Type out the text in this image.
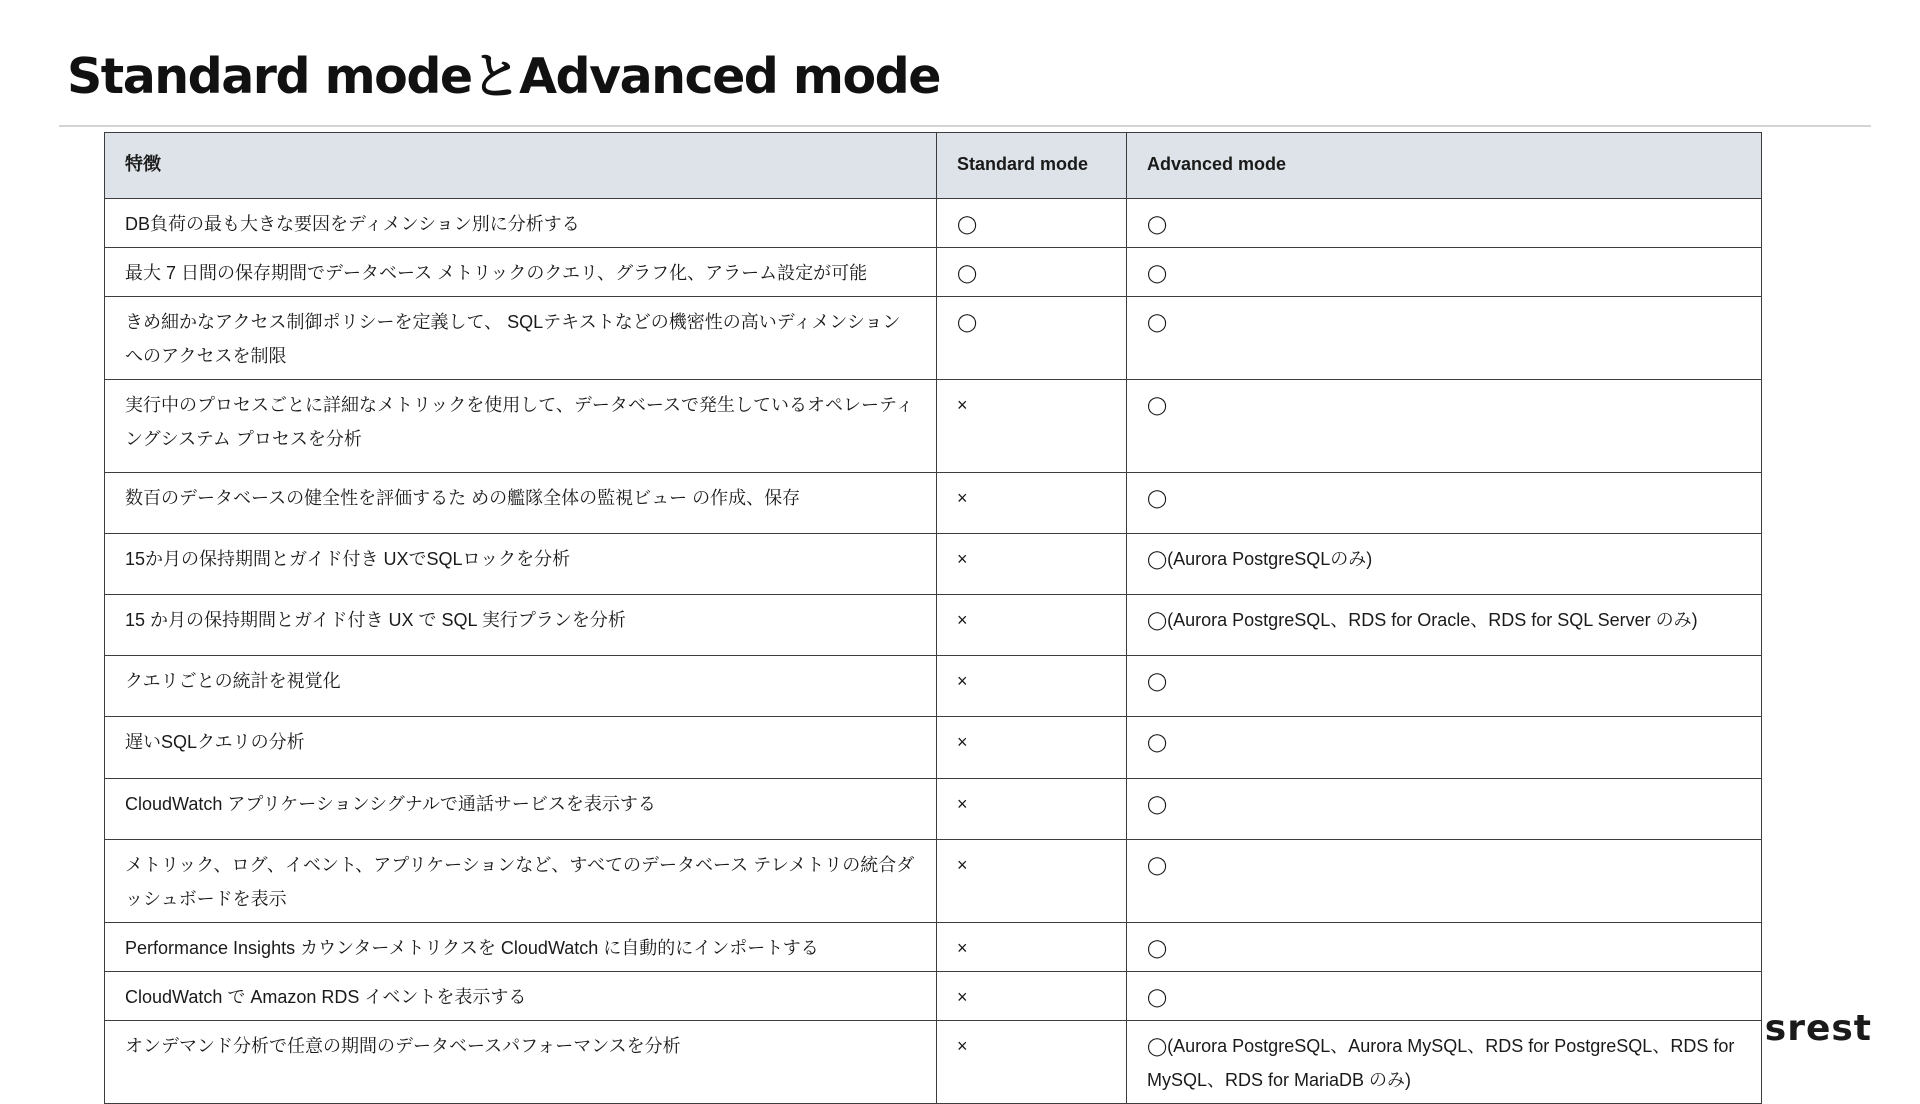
Standard modeとAdvanced mode
特徴	Standard mode	Advanced mode
DB負荷の最も大きな要因をディメンション別に分析する	◯	◯
最大 7 日間の保存期間でデータベース メトリックのクエリ、グラフ化、アラーム設定が可能	◯	◯
きめ細かなアクセス制御ポリシーを定義して、 SQLテキストなどの機密性の高いディメンションへのアクセスを制限	◯	◯
実行中のプロセスごとに詳細なメトリックを使用して、データベースで発生しているオペレーティングシステム プロセスを分析	×	◯
数百のデータベースの健全性を評価するた めの艦隊全体の監視ビュー の作成、保存	×	◯
15か月の保持期間とガイド付き UXでSQLロックを分析	×	◯(Aurora PostgreSQLのみ)
15 か月の保持期間とガイド付き UX で SQL 実行プランを分析	×	◯(Aurora PostgreSQL、RDS for Oracle、RDS for SQL Server のみ)
クエリごとの統計を視覚化	×	◯
遅いSQLクエリの分析	×	◯
CloudWatch アプリケーションシグナルで通話サービスを表示する	×	◯
メトリック、ログ、イベント、アプリケーションなど、すべてのデータベース テレメトリの統合ダッシュボードを表示	×	◯
Performance Insights カウンターメトリクスを CloudWatch に自動的にインポートする	×	◯
CloudWatch で Amazon RDS イベントを表示する	×	◯
オンデマンド分析で任意の期間のデータベースパフォーマンスを分析	×	◯(Aurora PostgreSQL、Aurora MySQL、RDS for PostgreSQL、RDS for MySQL、RDS for MariaDB のみ)
srest
